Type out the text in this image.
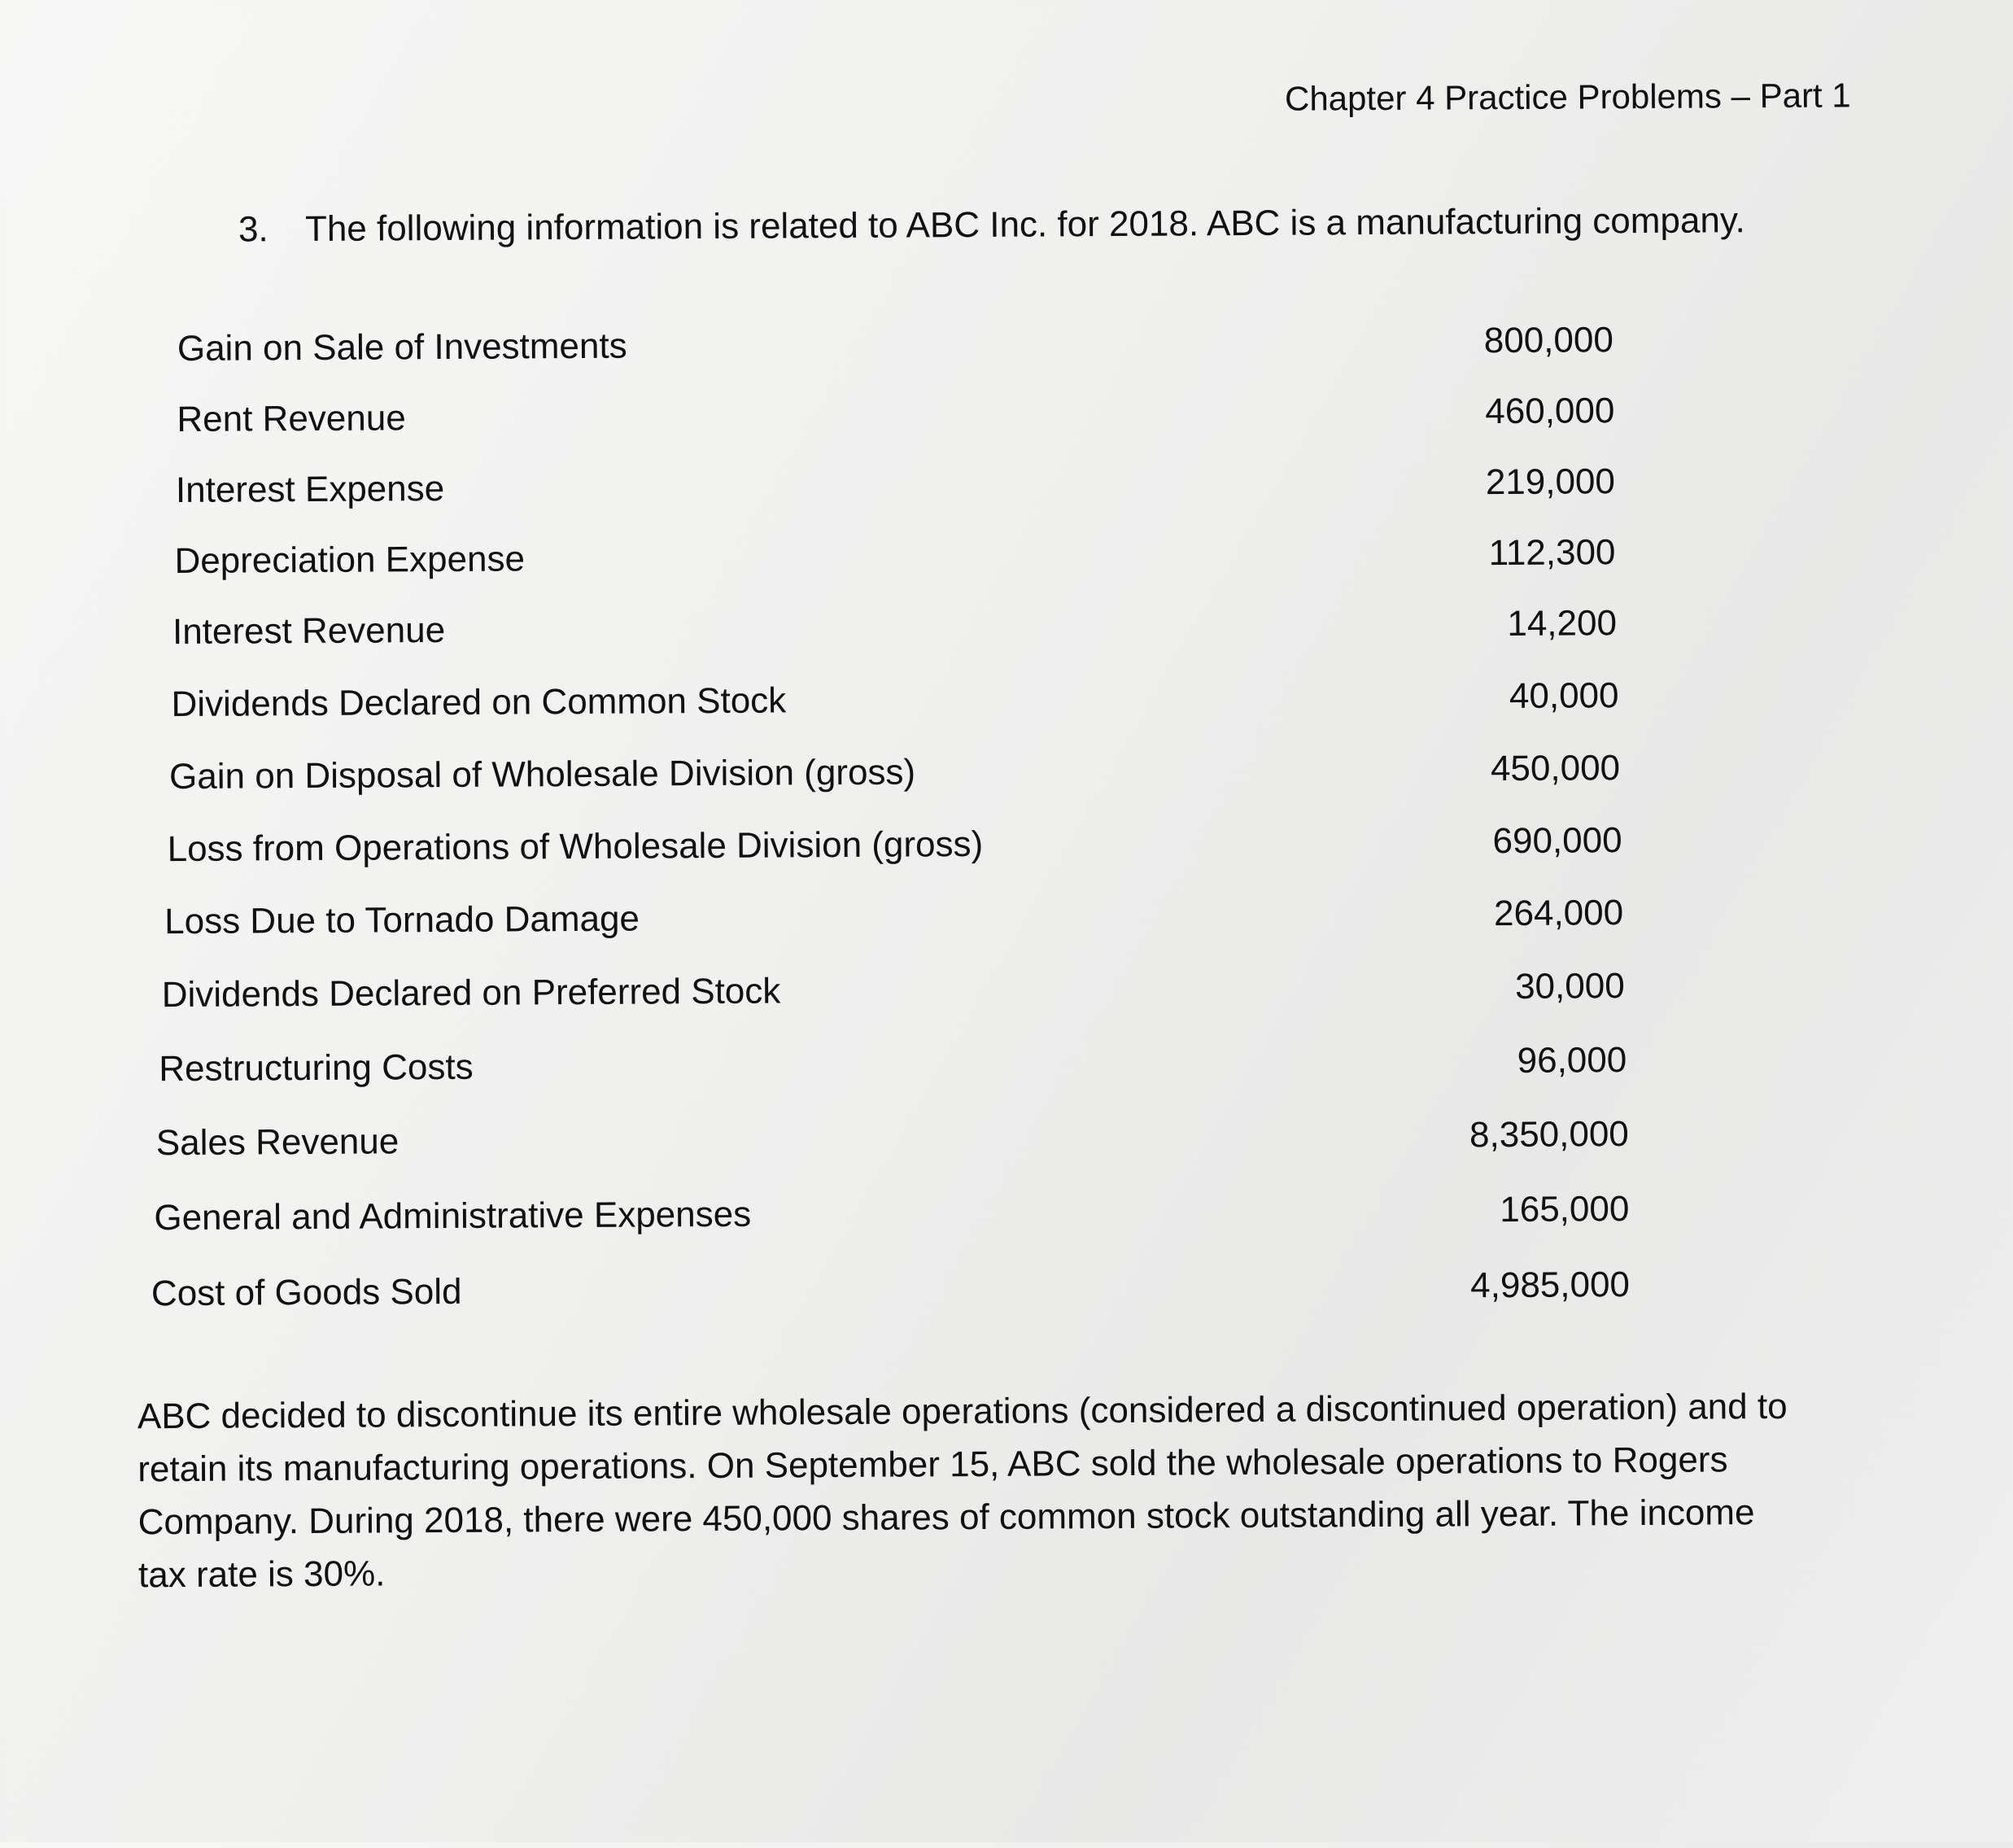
Chapter 4 Practice Problems – Part 1
3. The following information is related to ABC Inc. for 2018. ABC is a manufacturing company.
Gain on Sale of Investments	800,000
Rent Revenue	460,000
Interest Expense	219,000
Depreciation Expense	112,300
Interest Revenue	14,200
Dividends Declared on Common Stock	40,000
Gain on Disposal of Wholesale Division (gross)	450,000
Loss from Operations of Wholesale Division (gross)	690,000
Loss Due to Tornado Damage	264,000
Dividends Declared on Preferred Stock	30,000
Restructuring Costs	96,000
Sales Revenue	8,350,000
General and Administrative Expenses	165,000
Cost of Goods Sold	4,985,000
ABC decided to discontinue its entire wholesale operations (considered a discontinued operation) and to
retain its manufacturing operations. On September 15, ABC sold the wholesale operations to Rogers
Company. During 2018, there were 450,000 shares of common stock outstanding all year. The income
tax rate is 30%.
